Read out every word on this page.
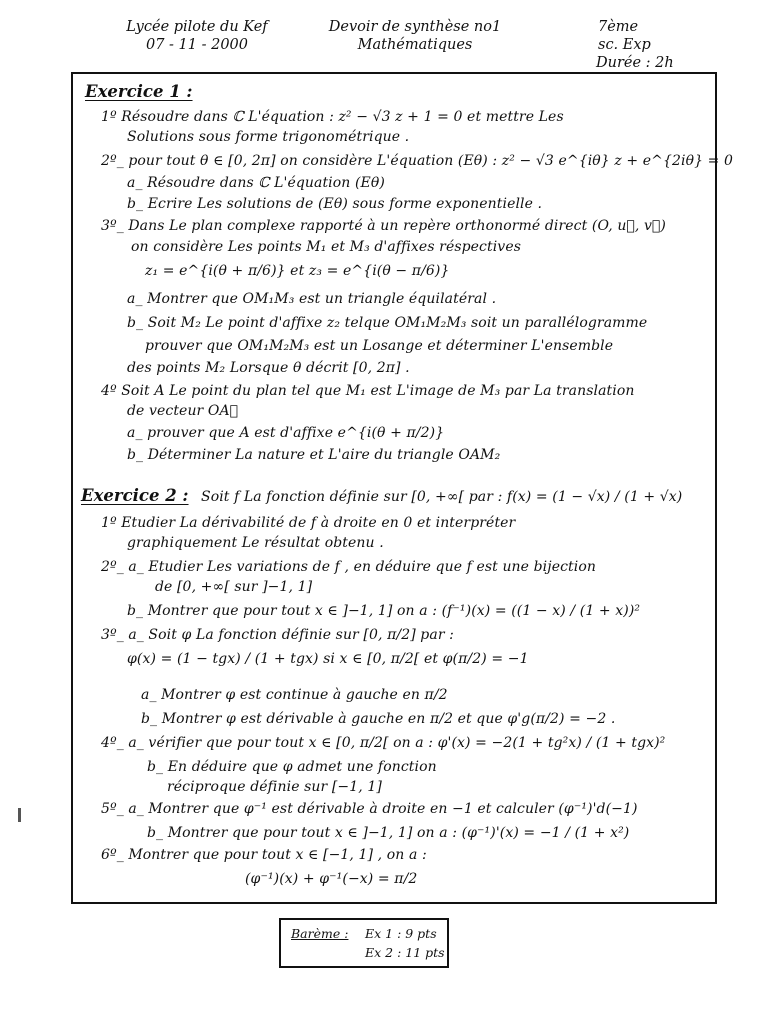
Lycée pilote du Kef
07 - 11 - 2000
Devoir de synthèse no1
Mathématiques
7ème
sc. Exp
Durée : 2h
Exercice 1 :
1º Résoudre dans ℂ L'équation : z² − √3 z + 1 = 0 et mettre Les
Solutions sous forme trigonométrique .
2º_ pour tout θ ∈ [0, 2π] on considère L'équation (Eθ) : z² − √3 e^{iθ} z + e^{2iθ} = 0
a_ Résoudre dans ℂ L'équation (Eθ)
b_ Ecrire Les solutions de (Eθ) sous forme exponentielle .
3º_ Dans Le plan complexe rapporté à un repère orthonormé direct (O, u⃗, v⃗)
on considère Les points M₁ et M₃ d'affixes réspectives
z₁ = e^{i(θ + π/6)} et z₃ = e^{i(θ − π/6)}
a_ Montrer que OM₁M₃ est un triangle équilatéral .
b_ Soit M₂ Le point d'affixe z₂ telque OM₁M₂M₃ soit un parallélogramme
prouver que OM₁M₂M₃ est un Losange et déterminer L'ensemble
des points M₂ Lorsque θ décrit [0, 2π] .
4º Soit A Le point du plan tel que M₁ est L'image de M₃ par La translation
de vecteur OA⃗
a_ prouver que A est d'affixe e^{i(θ + π/2)}
b_ Déterminer La nature et L'aire du triangle OAM₂
Exercice 2 : Soit f La fonction définie sur [0, +∞[ par : f(x) = (1 − √x) / (1 + √x)
1º Etudier La dérivabilité de f à droite en 0 et interpréter
graphiquement Le résultat obtenu .
2º_ a_ Etudier Les variations de f , en déduire que f est une bijection
de [0, +∞[ sur ]−1, 1]
b_ Montrer que pour tout x ∈ ]−1, 1] on a : (f⁻¹)(x) = ((1 − x) / (1 + x))²
3º_ a_ Soit φ La fonction définie sur [0, π/2] par :
φ(x) = (1 − tgx) / (1 + tgx) si x ∈ [0, π/2[ et φ(π/2) = −1
a_ Montrer φ est continue à gauche en π/2
b_ Montrer φ est dérivable à gauche en π/2 et que φ'g(π/2) = −2 .
4º_ a_ vérifier que pour tout x ∈ [0, π/2[ on a : φ'(x) = −2(1 + tg²x) / (1 + tgx)²
b_ En déduire que φ admet une fonction
réciproque définie sur [−1, 1]
5º_ a_ Montrer que φ⁻¹ est dérivable à droite en −1 et calculer (φ⁻¹)'d(−1)
b_ Montrer que pour tout x ∈ ]−1, 1] on a : (φ⁻¹)'(x) = −1 / (1 + x²)
6º_ Montrer que pour tout x ∈ [−1, 1] , on a :
(φ⁻¹)(x) + φ⁻¹(−x) = π/2
Barème : Ex 1 : 9 pts
Ex 2 : 11 pts
